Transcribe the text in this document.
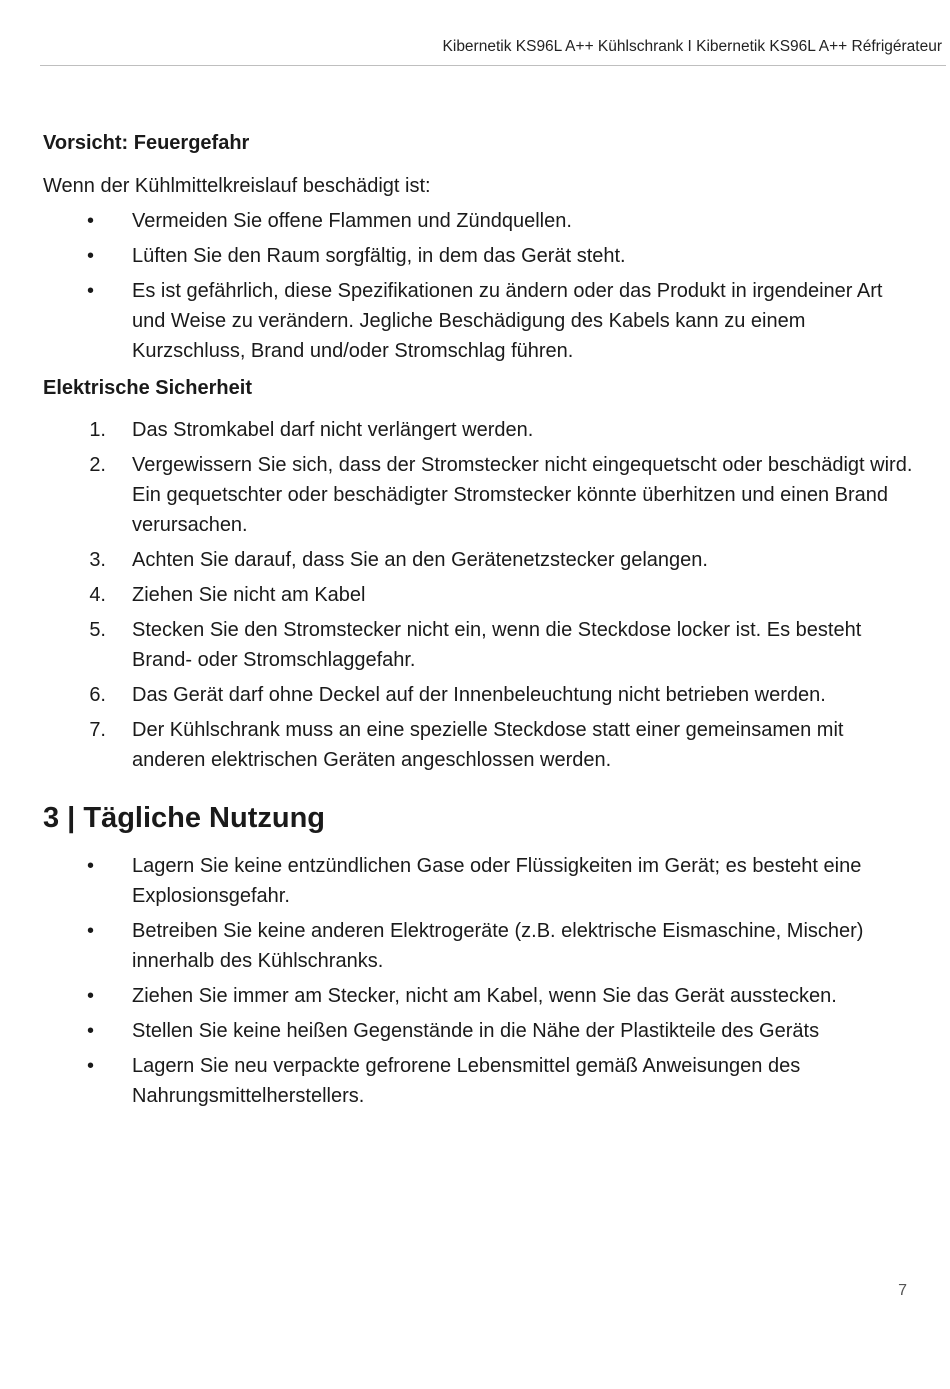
Kibernetik KS96L A++ Kühlschrank I Kibernetik KS96L A++ Réfrigérateur

Vorsicht: Feuergefahr

Wenn der Kühlmittelkreislauf beschädigt ist:

• Vermeiden Sie offene Flammen und Zündquellen.
• Lüften Sie den Raum sorgfältig, in dem das Gerät steht.
• Es ist gefährlich, diese Spezifikationen zu ändern oder das Produkt in irgendeiner Art und Weise zu verändern. Jegliche Beschädigung des Kabels kann zu einem Kurzschluss, Brand und/oder Stromschlag führen.

Elektrische Sicherheit

1. Das Stromkabel darf nicht verlängert werden.
2. Vergewissern Sie sich, dass der Stromstecker nicht eingequetscht oder beschädigt wird. Ein gequetschter oder beschädigter Stromstecker könnte überhitzen und einen Brand verursachen.
3. Achten Sie darauf, dass Sie an den Gerätenetzstecker gelangen.
4. Ziehen Sie nicht am Kabel
5. Stecken Sie den Stromstecker nicht ein, wenn die Steckdose locker ist. Es besteht Brand- oder Stromschlaggefahr.
6. Das Gerät darf ohne Deckel auf der Innenbeleuchtung nicht betrieben werden.
7. Der Kühlschrank muss an eine spezielle Steckdose statt einer gemeinsamen mit anderen elektrischen Geräten angeschlossen werden.
3 | Tägliche Nutzung
• Lagern Sie keine entzündlichen Gase oder Flüssigkeiten im Gerät; es besteht eine Explosionsgefahr.
• Betreiben Sie keine anderen Elektrogeräte (z.B. elektrische Eismaschine, Mischer) innerhalb des Kühlschranks.
• Ziehen Sie immer am Stecker, nicht am Kabel, wenn Sie das Gerät ausstecken.
• Stellen Sie keine heißen Gegenstände in die Nähe der Plastikteile des Geräts
• Lagern Sie neu verpackte gefrorene Lebensmittel gemäß Anweisungen des Nahrungsmittelherstellers.
7
